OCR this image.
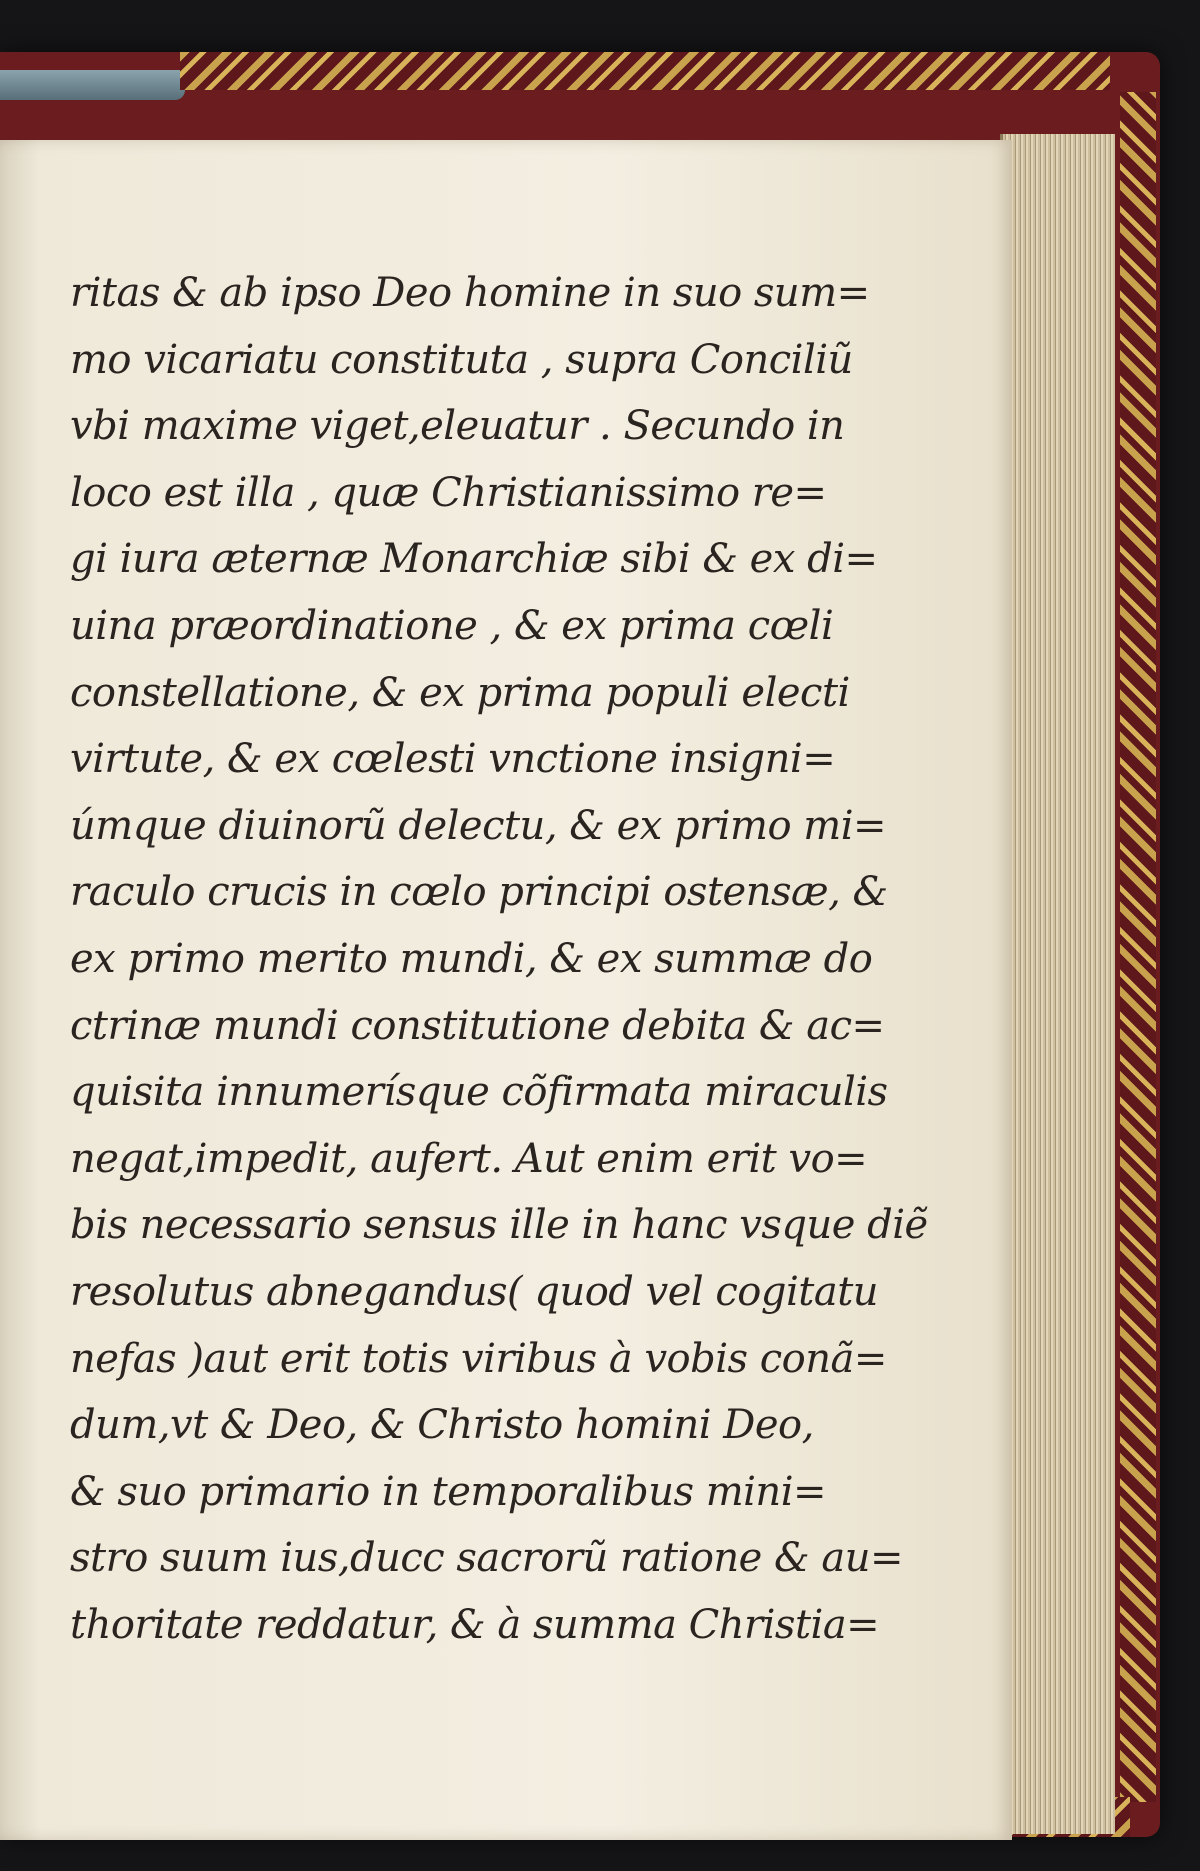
ritas & ab ipso Deo homine in suo sum=
mo vicariatu constituta , supra Conciliũ
vbi maxime viget,eleuatur . Secundo in
loco est illa , quæ Christianissimo re=
gi iura æternæ Monarchiæ sibi & ex di=
uina præordinatione , & ex prima cœli
constellatione, & ex prima populi electi
virtute, & ex cœlesti vnctione insigni=
úmque diuinorũ delectu, & ex primo mi=
raculo crucis in cœlo principi ostensæ, &
ex primo merito mundi, & ex summæ do
ctrinæ mundi constitutione debita & ac=
quisita innumerísque cõfirmata miraculis
negat,impedit, aufert. Aut enim erit vo=
bis necessario sensus ille in hanc vsque diẽ
resolutus abnegandus( quod vel cogitatu
nefas )aut erit totis viribus à vobis conã=
dum,vt & Deo, & Christo homini Deo,
& suo primario in temporalibus mini=
stro suum ius,ducc sacrorũ ratione & au=
thoritate reddatur, & à summa Christia=
